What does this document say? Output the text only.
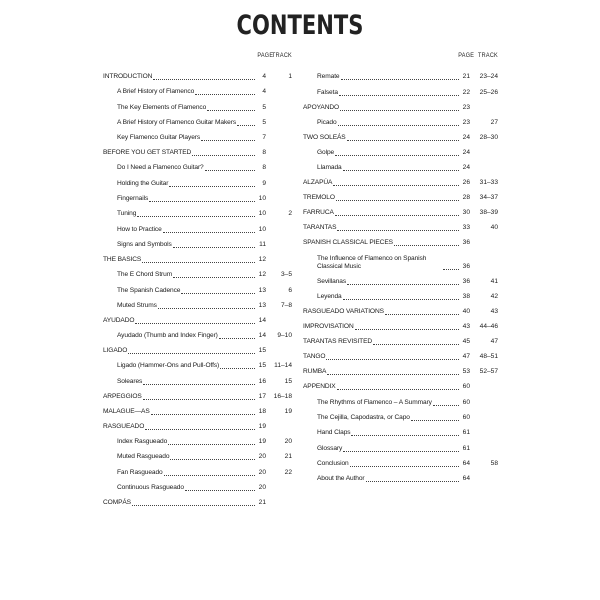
CONTENTS
PAGE
TRACK
INTRODUCTION	4	1
A Brief History of Flamenco	4
The Key Elements of Flamenco	5
A Brief History of Flamenco Guitar Makers	5
Key Flamenco Guitar Players	7
BEFORE YOU GET STARTED	8
Do I Need a Flamenco Guitar?	8
Holding the Guitar	9
Fingernails	10
Tuning	10	2
How to Practice	10
Signs and Symbols	11
THE BASICS	12
The E Chord Strum	12	3–5
The Spanish Cadence	13	6
Muted Strums	13	7–8
AYUDADO	14
Ayudado (Thumb and Index Finger)	14	9–10
LIGADO	15
Ligado (Hammer-Ons and Pull-Offs)	15	11–14
Soleares	16	15
ARPEGGIOS	17	16–18
MALAGUE—AS	18	19
RASGUEADO	19
Index Rasgueado	19	20
Muted Rasgueado	20	21
Fan Rasgueado	20	22
Continuous Rasgueado	20
COMPÁS	21
PAGE TRACK
Remate	21	23–24
Falseta	22	25–26
APOYANDO	23
Picado	23	27
TWO SOLEÁS	24	28–30
Golpe	24
Llamada	24
ALZAPÚA	26	31–33
TREMOLO	28	34–37
FARRUCA	30	38–39
TARANTAS	33	40
SPANISH CLASSICAL PIECES	36
The Influence of Flamenco on Spanish Classical Music	36
Sevillanas	36	41
Leyenda	38	42
RASGUEADO VARIATIONS	40	43
IMPROVISATION	43	44–46
TARANTAS REVISITED	45	47
TANGO	47	48–51
RUMBA	53	52–57
APPENDIX	60
The Rhythms of Flamenco – A Summary	60
The Cejilla, Capodastra, or Capo	60
Hand Claps	61
Glossary	61
Conclusion	64	58
About the Author	64
